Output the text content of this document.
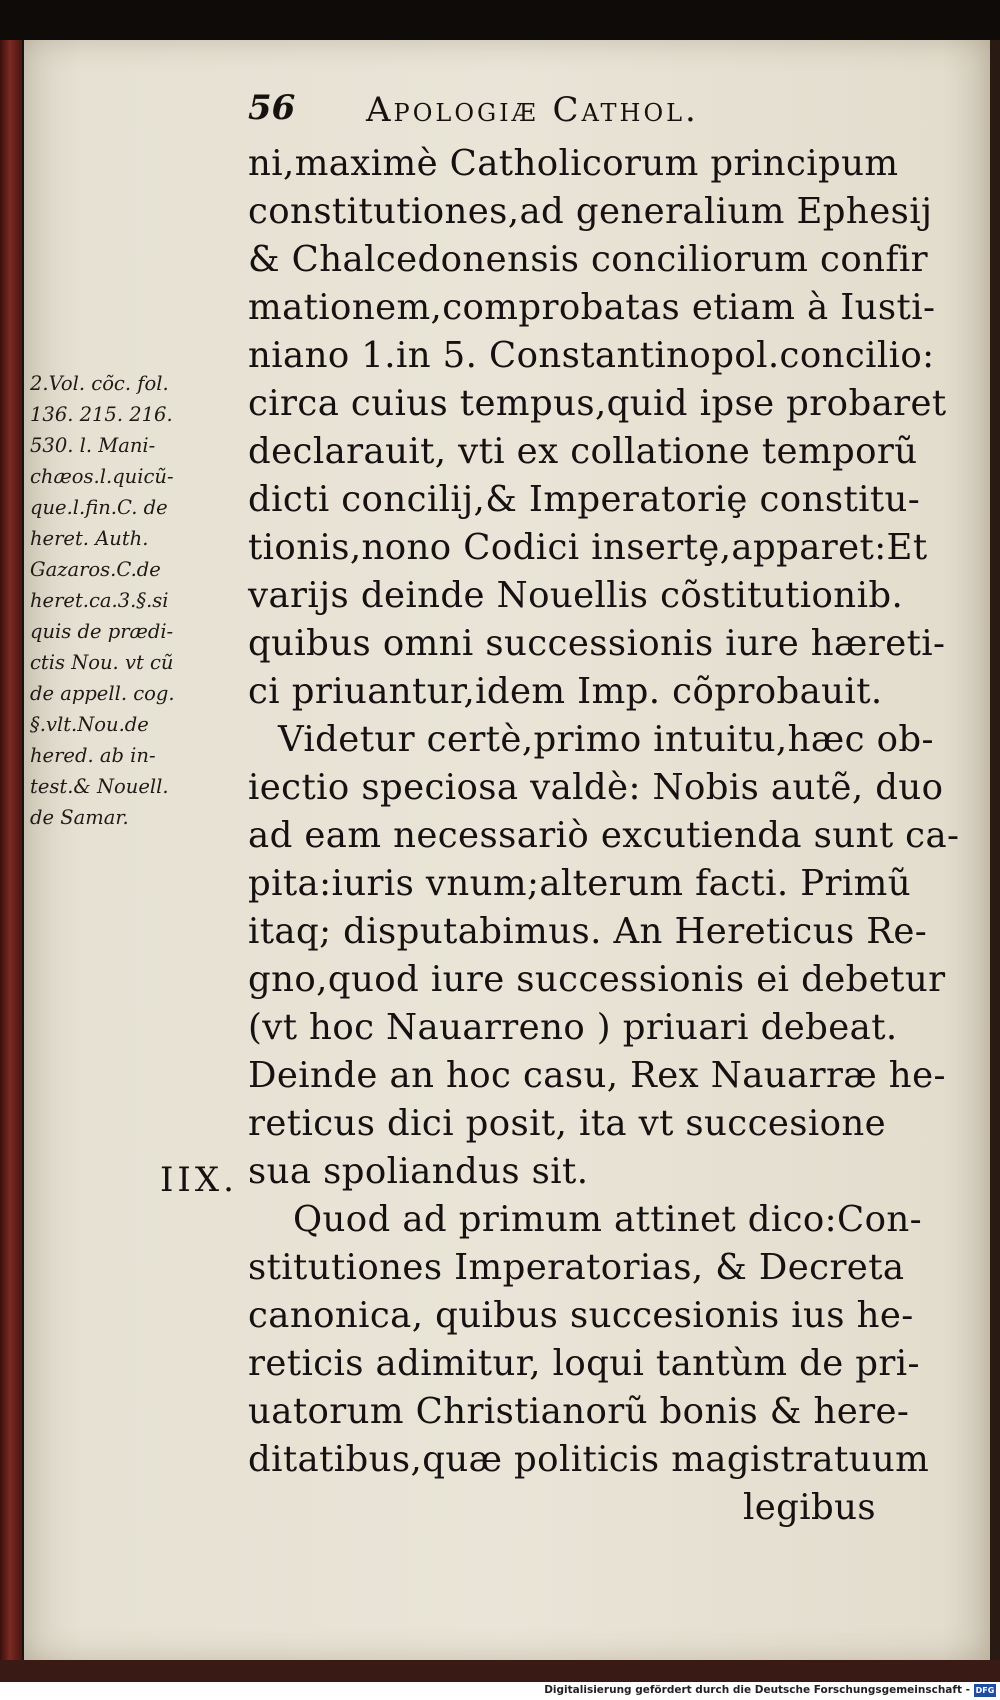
56 Apologiæ Cathol.
ni,maximè Catholicorum principum
constitutiones,ad generalium Ephesij
& Chalcedonensis conciliorum confir
mationem,comprobatas etiam à Iusti-
niano 1.in 5. Constantinopol.concilio:
circa cuius tempus,quid ipse probaret
declarauit, vti ex collatione temporũ
dicti concilij,& Imperatoriȩ constitu-
tionis,nono Codici insertȩ,apparet:Et
varijs deinde Nouellis cõstitutionib.
quibus omni successionis iure hæreti-
ci priuantur,idem Imp. cõprobauit.
Videtur certè,primo intuitu,hæc ob-
iectio speciosa valdè: Nobis autẽ, duo
ad eam necessariò excutienda sunt ca-
pita:iuris vnum;alterum facti. Primũ
itaq; disputabimus. An Hereticus Re-
gno,quod iure successionis ei debetur
(vt hoc Nauarreno ) priuari debeat.
Deinde an hoc casu, Rex Nauarræ he-
reticus dici posit, ita vt succesione
sua spoliandus sit.
Quod ad primum attinet dico:Con-
stitutiones Imperatorias, & Decreta
canonica, quibus succesionis ius he-
reticis adimitur, loqui tantùm de pri-
uatorum Christianorũ bonis & here-
ditatibus,quæ politicis magistratuum
legibus
2.Vol. cõc. fol.
136. 215. 216.
530. l. Mani-
chæos.l.quicũ-
que.l.fin.C. de
heret. Auth.
Gazaros.C.de
heret.ca.3.§.si
quis de prædi-
ctis Nou. vt cũ
de appell. cog.
§.vlt.Nou.de
hered. ab in-
test.& Nouell.
de Samar.
IIX.
Digitalisierung gefördert durch die Deutsche Forschungsgemeinschaft - DFG
